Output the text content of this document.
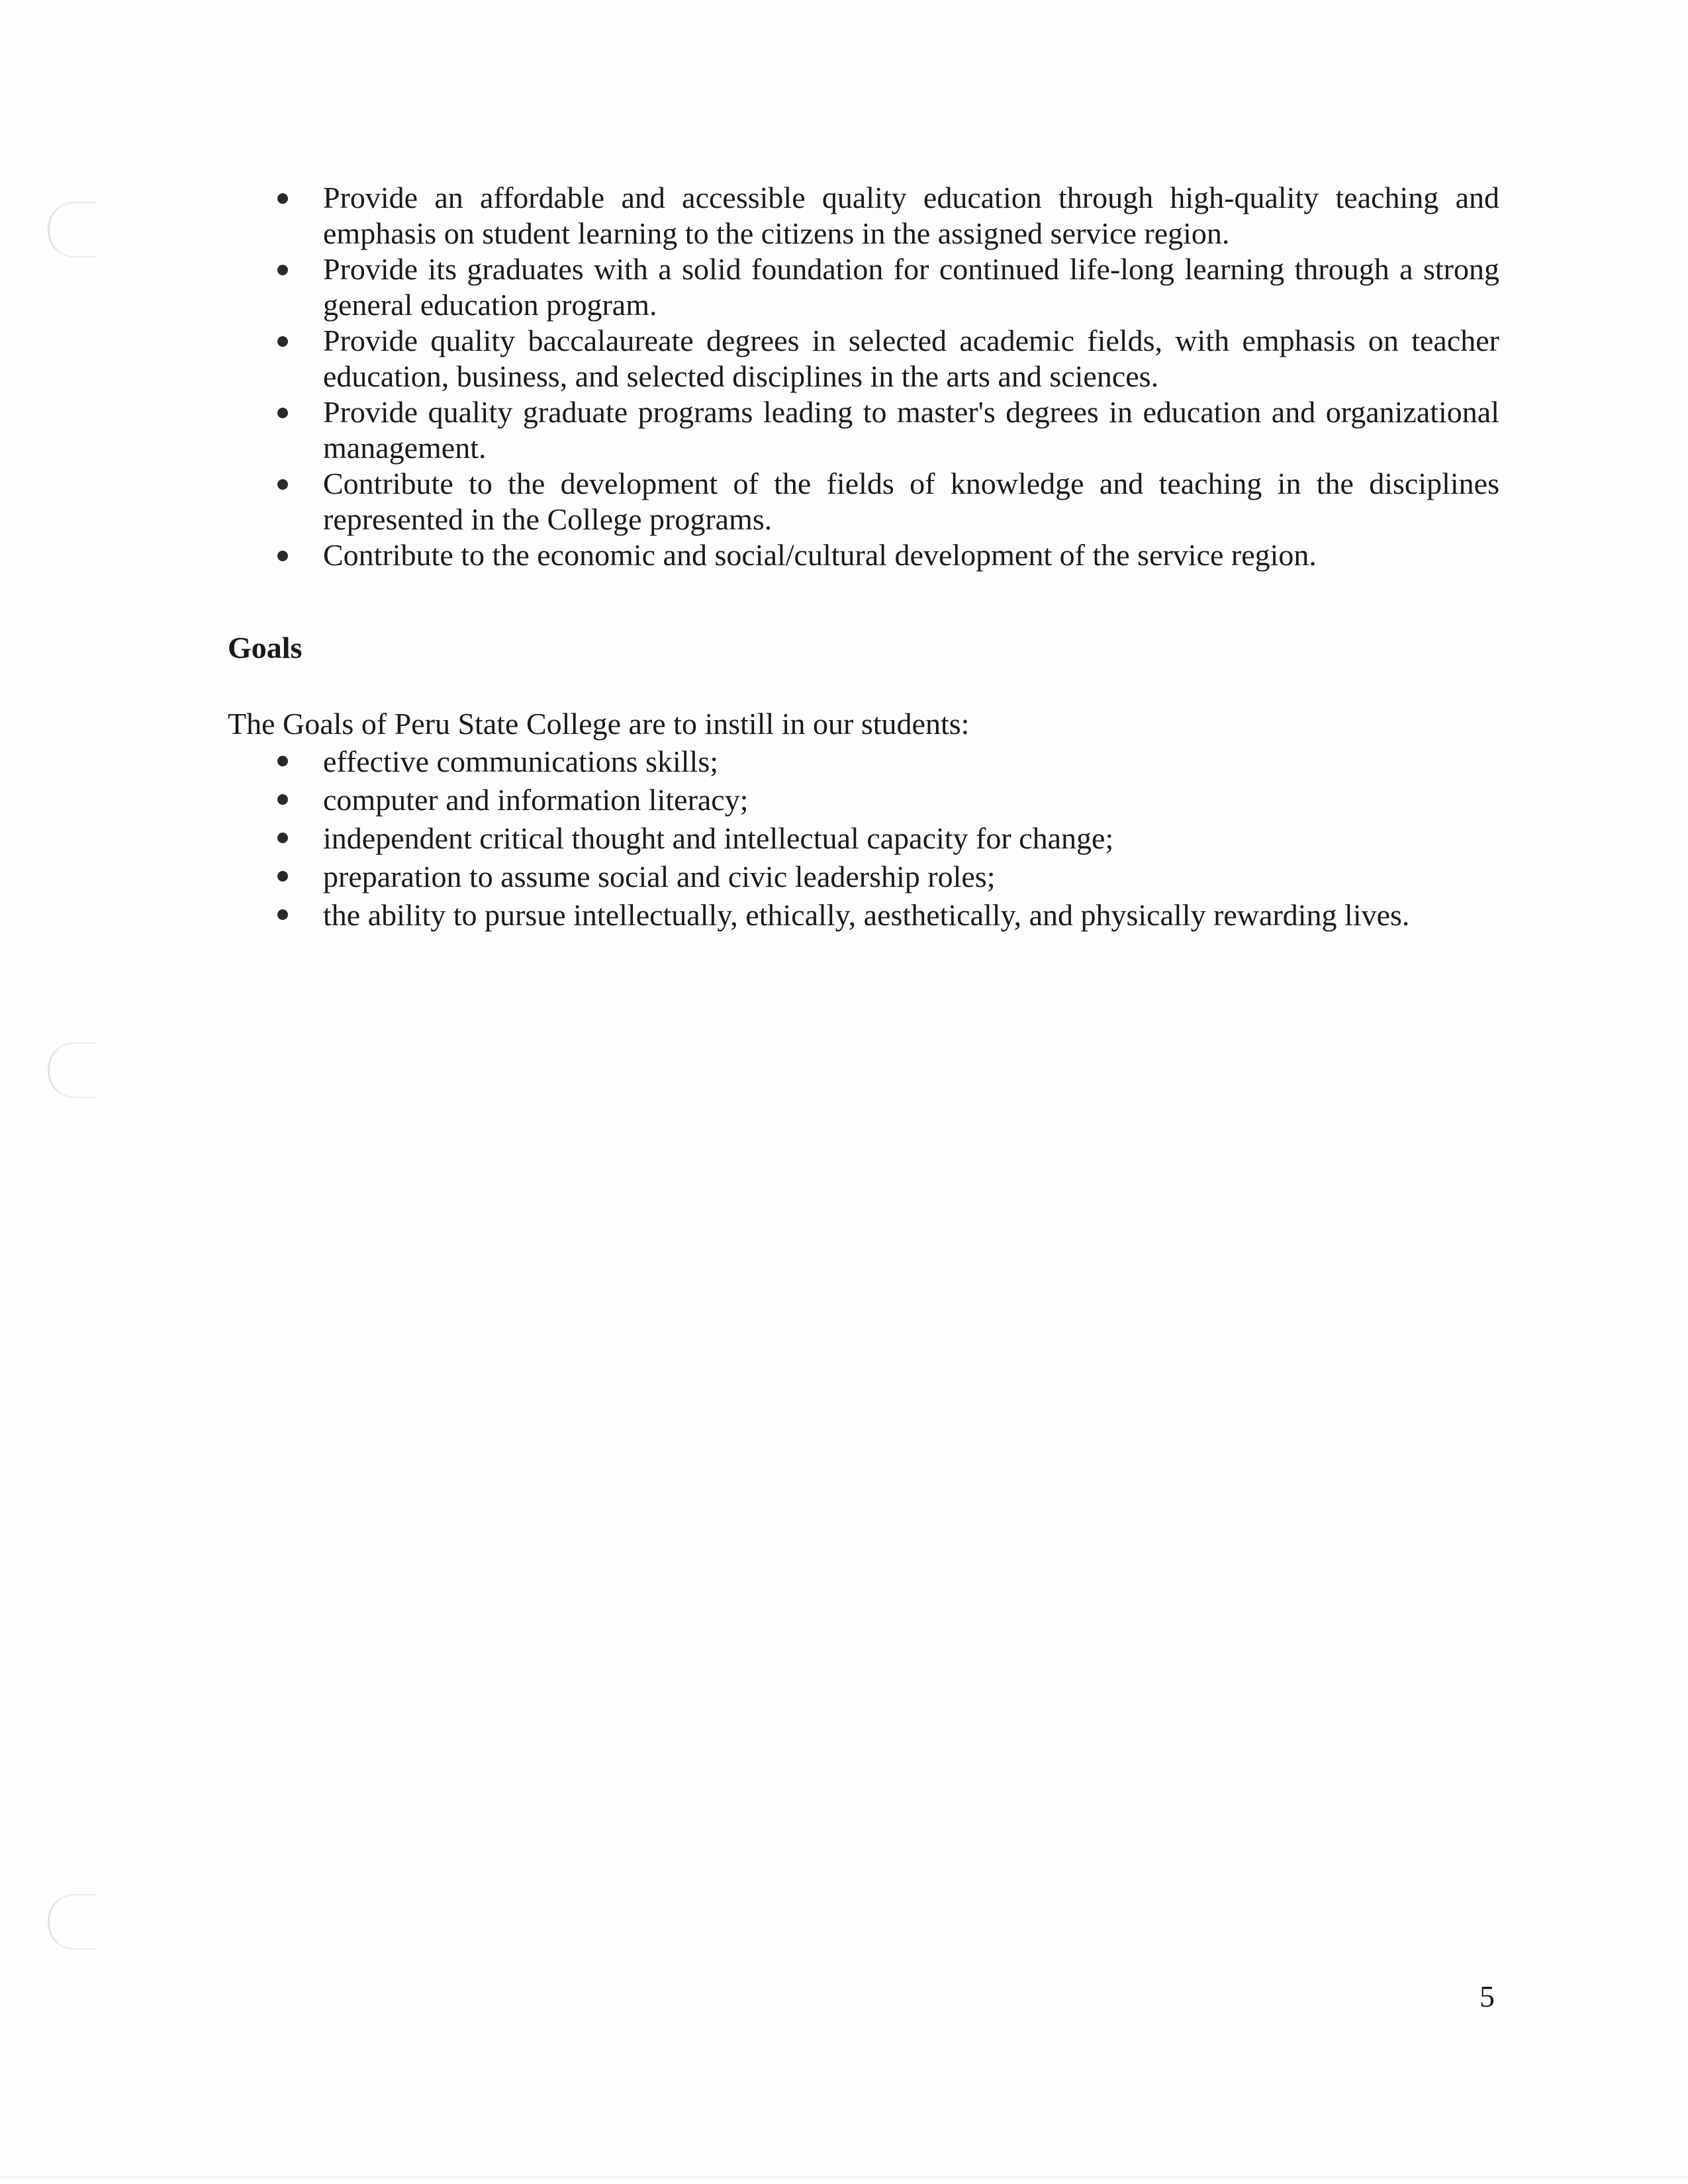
Provide an affordable and accessible quality education through high-quality teaching and emphasis on student learning to the citizens in the assigned service region.
Provide its graduates with a solid foundation for continued life-long learning through a strong general education program.
Provide quality baccalaureate degrees in selected academic fields, with emphasis on teacher education, business, and selected disciplines in the arts and sciences.
Provide quality graduate programs leading to master's degrees in education and organizational management.
Contribute to the development of the fields of knowledge and teaching in the disciplines represented in the College programs.
Contribute to the economic and social/cultural development of the service region.
Goals
The Goals of Peru State College are to instill in our students:
effective communications skills;
computer and information literacy;
independent critical thought and intellectual capacity for change;
preparation to assume social and civic leadership roles;
the ability to pursue intellectually, ethically, aesthetically, and physically rewarding lives.
5
